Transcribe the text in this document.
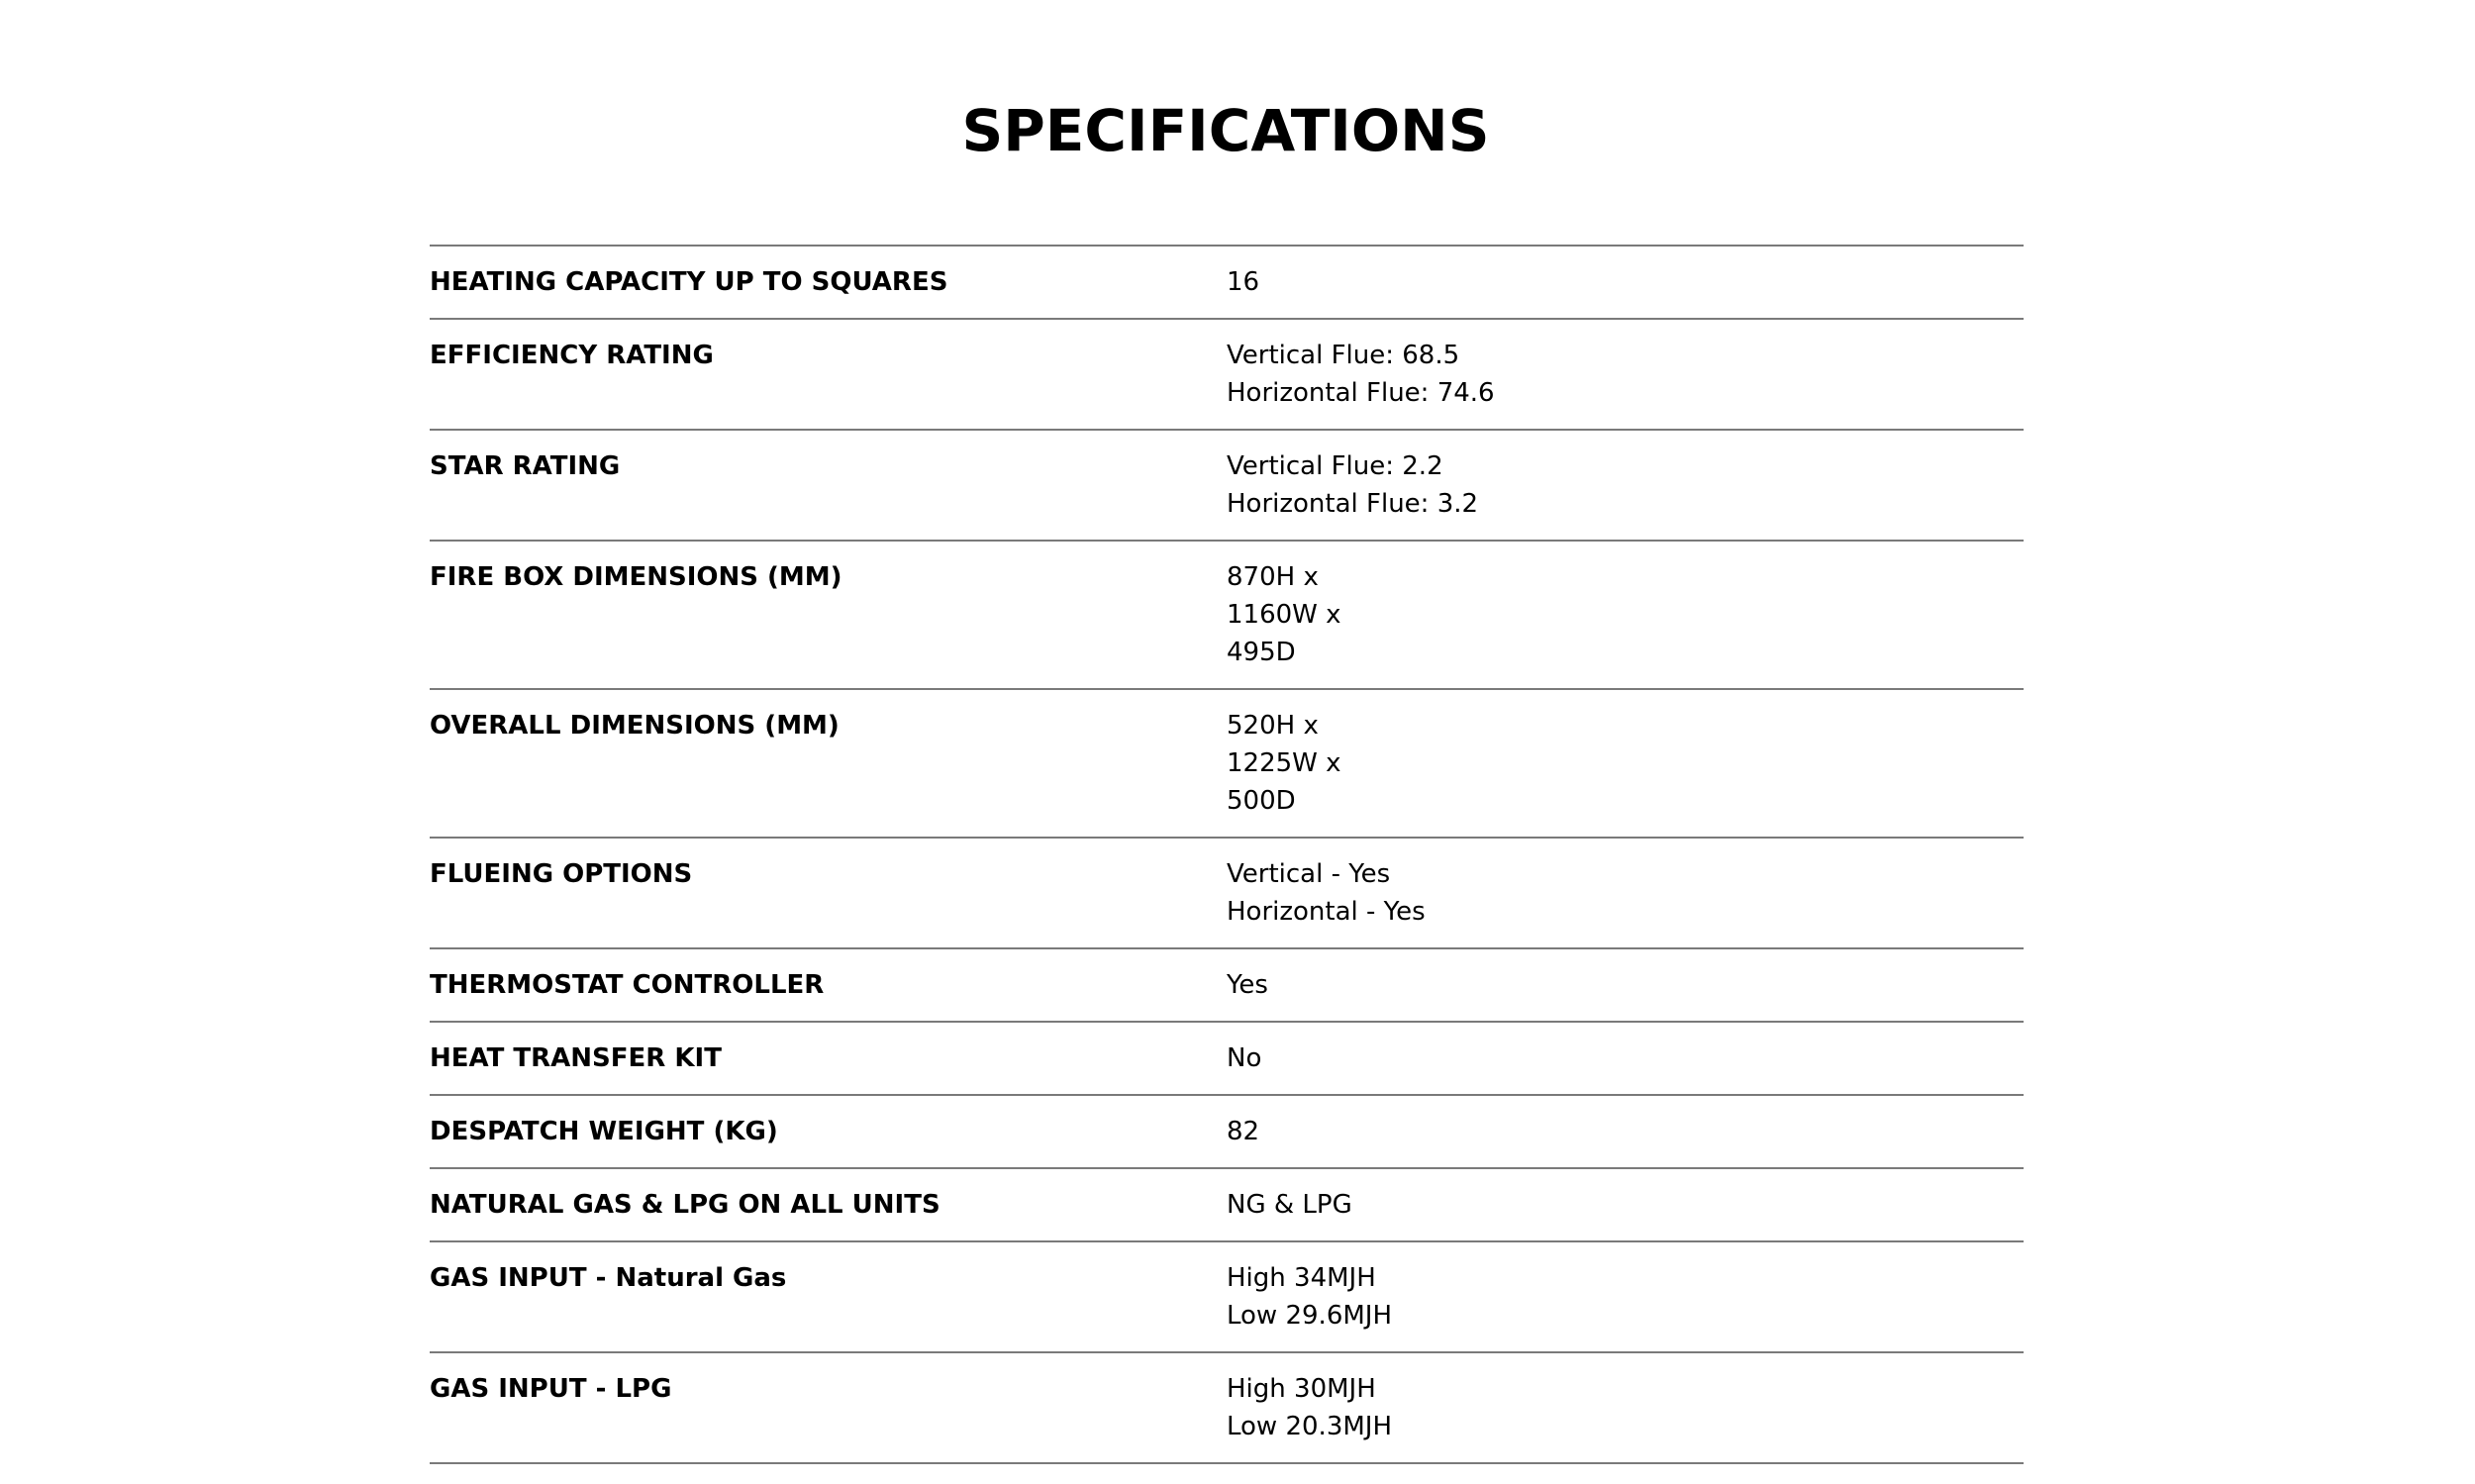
SPECIFICATIONS
HEATING CAPACITY UP TO SQUARES	16
EFFICIENCY RATING	Vertical Flue: 68.5
Horizontal Flue: 74.6
STAR RATING	Vertical Flue: 2.2
Horizontal Flue: 3.2
FIRE BOX DIMENSIONS (MM)	870H x
1160W x
495D
OVERALL DIMENSIONS (MM)	520H x
1225W x
500D
FLUEING OPTIONS	Vertical - Yes
Horizontal - Yes
THERMOSTAT CONTROLLER	Yes
HEAT TRANSFER KIT	No
DESPATCH WEIGHT (KG)	82
NATURAL GAS & LPG ON ALL UNITS	NG & LPG
GAS INPUT - Natural Gas	High 34MJH
Low 29.6MJH
GAS INPUT - LPG	High 30MJH
Low 20.3MJH
